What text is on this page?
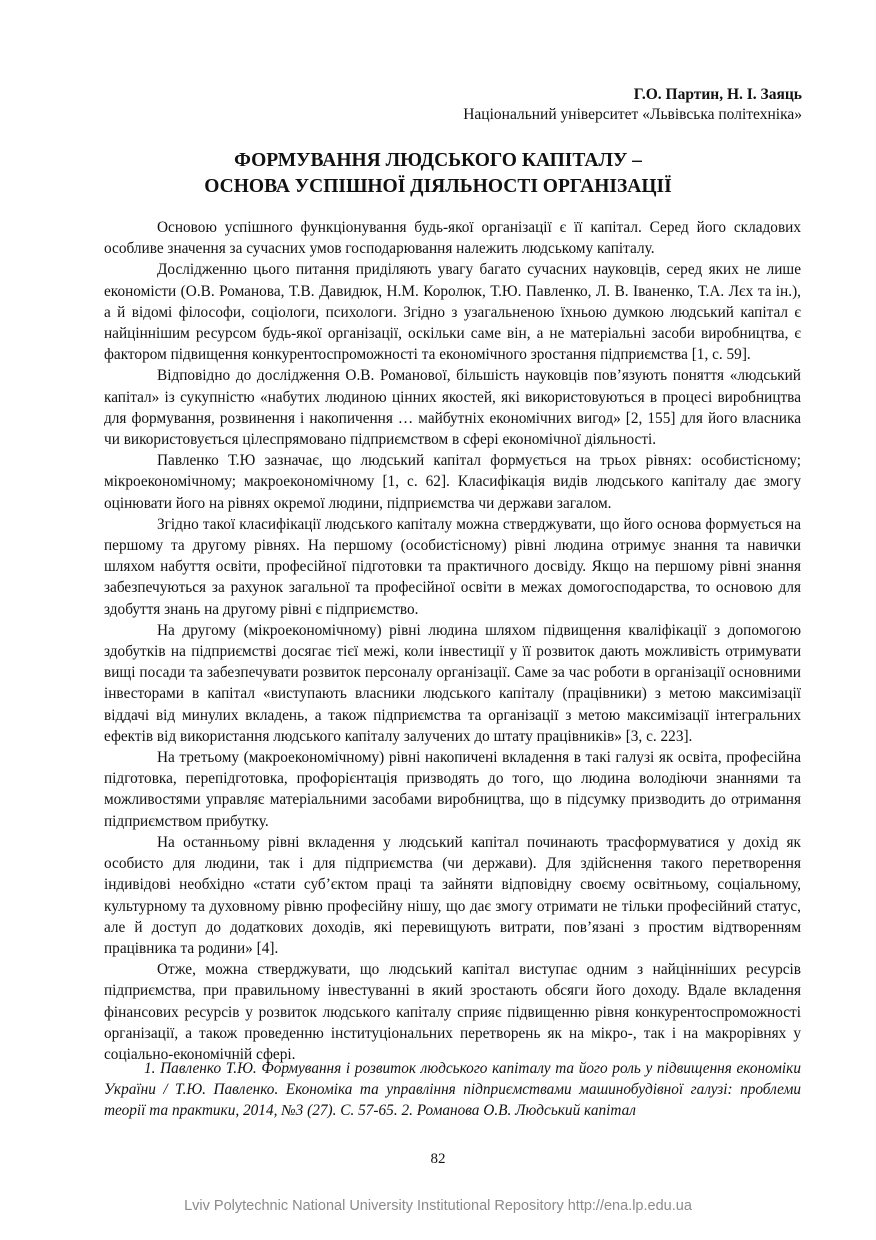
Г.О. Партин, Н. І. Заяць
Національний університет «Львівська політехніка»
ФОРМУВАННЯ ЛЮДСЬКОГО КАПІТАЛУ –
ОСНОВА УСПІШНОЇ ДІЯЛЬНОСТІ ОРГАНІЗАЦІЇ

Основою успішного функціонування будь-якої організації є її капітал. Серед його складових особливе значення за сучасних умов господарювання належить людському капіталу.

Дослідженню цього питання приділяють увагу багато сучасних науковців, серед яких не лише економісти (О.В. Романова, Т.В. Давидюк, Н.М. Королюк, Т.Ю. Павленко, Л. В. Іваненко, Т.А. Лєх та ін.), а й відомі філософи, соціологи, психологи. Згідно з узагальненою їхньою думкою людський капітал є найціннішим ресурсом будь-якої організації, оскільки саме він, а не матеріальні засоби виробництва, є фактором підвищення конкурентоспроможності та економічного зростання підприємства [1, с. 59].

Відповідно до дослідження О.В. Романової, більшість науковців пов’язують поняття «людський капітал» із сукупністю «набутих людиною цінних якостей, які використовуються в процесі виробництва для формування, розвинення і накопичення … майбутніх економічних вигод» [2, 155] для його власника чи використовується цілеспрямовано підприємством в сфері економічної діяльності.

Павленко Т.Ю зазначає, що людський капітал формується на трьох рівнях: особистісному; мікроекономічному; макроекономічному [1, с. 62]. Класифікація видів людського капіталу дає змогу оцінювати його на рівнях окремої людини, підприємства чи держави загалом.

Згідно такої класифікації людського капіталу можна стверджувати, що його основа формується на першому та другому рівнях. На першому (особистісному) рівні людина отримує знання та навички шляхом набуття освіти, професійної підготовки та практичного досвіду. Якщо на першому рівні знання забезпечуються за рахунок загальної та професійної освіти в межах домогосподарства, то основою для здобуття знань на другому рівні є підприємство.

На другому (мікроекономічному) рівні людина шляхом підвищення кваліфікації з допомогою здобутків на підприємстві досягає тієї межі, коли інвестиції у її розвиток дають можливість отримувати вищі посади та забезпечувати розвиток персоналу організації. Саме за час роботи в організації основними інвесторами в капітал «виступають власники людського капіталу (працівники) з метою максимізації віддачі від минулих вкладень, а також підприємства та організації з метою максимізації інтегральних ефектів від використання людського капіталу залучених до штату працівників» [3, с. 223].

На третьому (макроекономічному) рівні накопичені вкладення в такі галузі як освіта, професійна підготовка, перепідготовка, профорієнтація призводять до того, що людина володіючи знаннями та можливостями управляє матеріальними засобами виробництва, що в підсумку призводить до отримання підприємством прибутку.

На останньому рівні вкладення у людський капітал починають трасформуватися у дохід як особисто для людини, так і для підприємства (чи держави). Для здійснення такого перетворення індивідові необхідно «стати суб’єктом праці та зайняти відповідну своєму освітньому, соціальному, культурному та духовному рівню професійну нішу, що дає змогу отримати не тільки професійний статус, але й доступ до додаткових доходів, які перевищують витрати, пов’язані з простим відтворенням працівника та родини» [4].

Отже, можна стверджувати, що людський капітал виступає одним з найцінніших ресурсів підприємства, при правильному інвестуванні в який зростають обсяги його доходу. Вдале вкладення фінансових ресурсів у розвиток людського капіталу сприяє підвищенню рівня конкурентоспроможності організації, а також проведенню інституціональних перетворень як на мікро-, так і на макрорівнях у соціально-економічній сфері.

1. Павленко Т.Ю. Формування і розвиток людського капіталу та його роль у підвищення економіки України / Т.Ю. Павленко. Економіка та управління підприємствами машинобудівної галузі: проблеми теорії та практики, 2014, №3 (27). С. 57-65. 2. Романова О.В. Людський капітал

82
Lviv Polytechnic National University Institutional Repository http://ena.lp.edu.ua
